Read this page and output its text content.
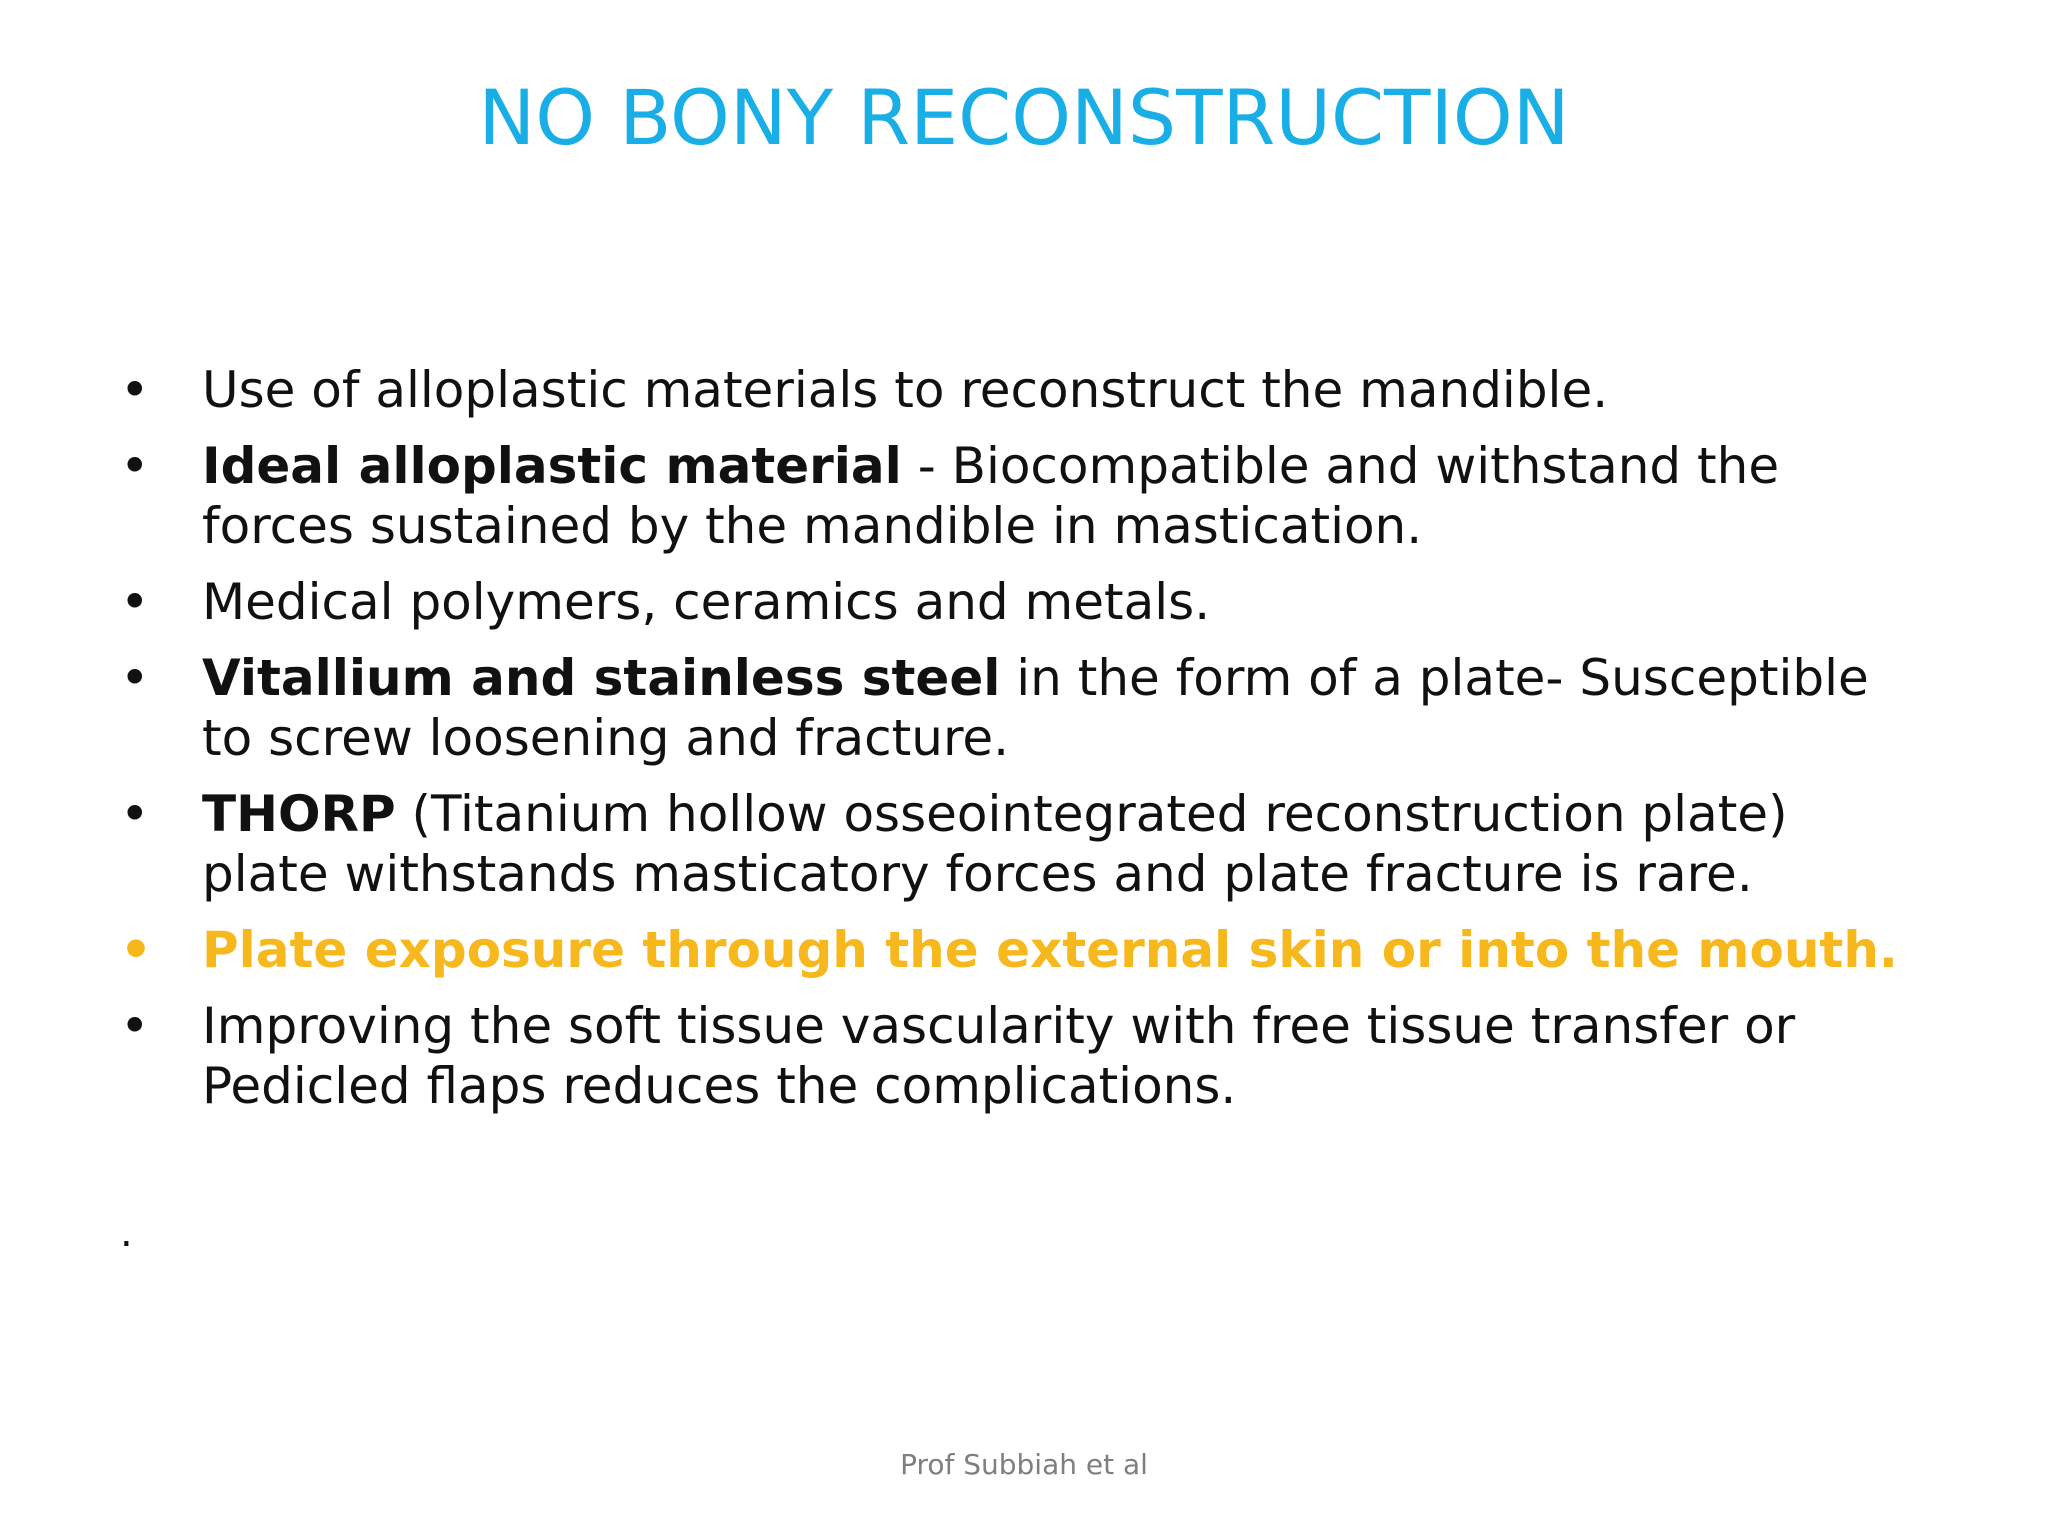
NO BONY RECONSTRUCTION
• Use of alloplastic materials to reconstruct the mandible.
• Ideal alloplastic material - Biocompatible and withstand the forces sustained by the mandible in mastication.
• Medical polymers, ceramics and metals.
• Vitallium and stainless steel in the form of a plate- Susceptible to screw loosening and fracture.
• THORP (Titanium hollow osseointegrated reconstruction plate) plate withstands masticatory forces and plate fracture is rare.
• Plate exposure through the external skin or into the mouth.
• Improving the soft tissue vascularity with free tissue transfer or Pedicled flaps reduces the complications.
.
Prof Subbiah et al
